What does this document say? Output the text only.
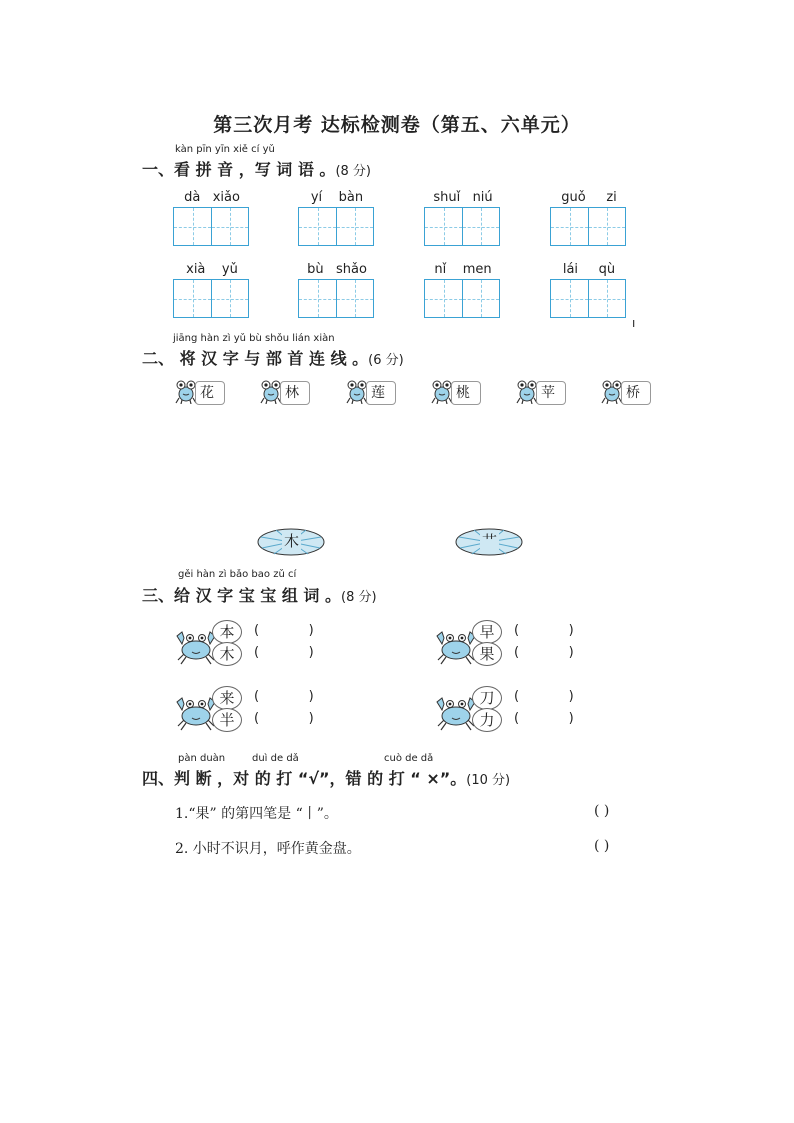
第三次月考 达标检测卷（第五、六单元）
kàn pīn yīn xiě cí yǔ
一、看 拼 音 ，写 词 语 。(8 分)
dà   xiǎo	yí    bàn	shuǐ   niú	guǒ     zi
xià    yǔ	bù   shǎo	nǐ    men	lái     qù
ı
jiāng hàn zì yǔ bù shǒu lián xiàn
二、 将 汉 字 与 部 首 连 线 。(6 分)
花	林	莲	桃	苹	桥
木	艹
gěi hàn zì bǎo bao zǔ cí
三、给 汉 字 宝 宝 组 词 。(8 分)
本	(            )
木	(            )
早	(            )
果	(            )
来	(            )
半	(            )
刀	(            )
力	(            )
pàn duàn	duì de dǎ	cuò de dǎ
四、判 断 ，对 的 打 “√”，错 的 打 “ ×”。(10 分)
1.“果” 的第四笔是 “丨”。	( )
2. 小时不识月，呼作黄金盘。	( )
